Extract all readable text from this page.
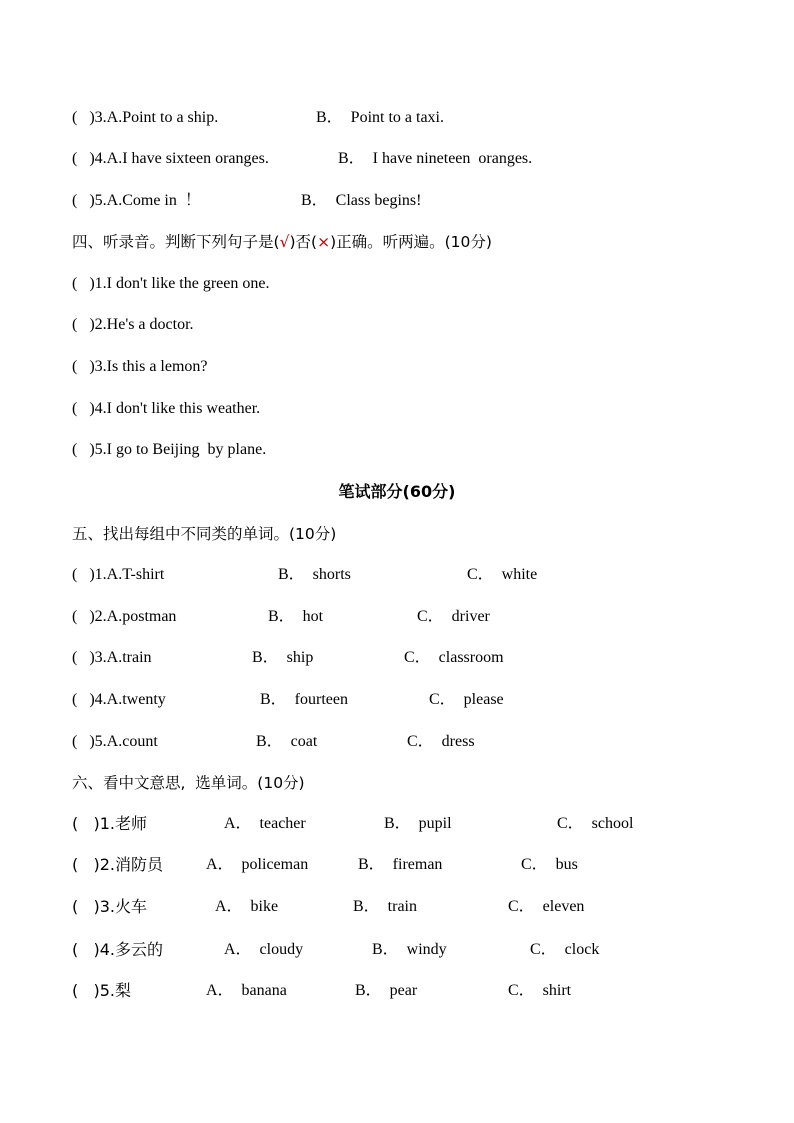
(   )3.A.Point to a ship.

	B．  Point to a taxi.

(   )4.A.I have sixteen oranges.

	B．  I have nineteen  oranges.

(   )5.A.Come in  ！

	B．  Class begins!

四、听录音。判断下列句子是(√)否(×)正确。听两遍。(10分)
(   )1.I don't like the green one.
(   )2.He's a doctor.
(   )3.Is this a lemon?
(   )4.I don't like this weather.
(   )5.I go to Beijing  by plane.
笔试部分(60分)
五、找出每组中不同类的单词。(10分)

(   )1.A.T-shirt

	B．  shorts

	C．  white

(   )2.A.postman

	B．  hot

	C．  driver

(   )3.A.train

	B．  ship

	C．  classroom

(   )4.A.twenty

	B．  fourteen

	C．  please

(   )5.A.count

	B．  coat

	C．  dress

六、看中文意思,  选单词。(10分)

(   )1.老师

	A．  teacher

	B．  pupil

	C．  school

(   )2.消防员

	A．  policeman

	B．  fireman

	C．  bus

(   )3.火车

	A．  bike

	B．  train

	C．  eleven

(   )4.多云的

	A．  cloudy

	B．  windy

	C．  clock

(   )5.梨

	A．  banana

	B．  pear

	C．  shirt
